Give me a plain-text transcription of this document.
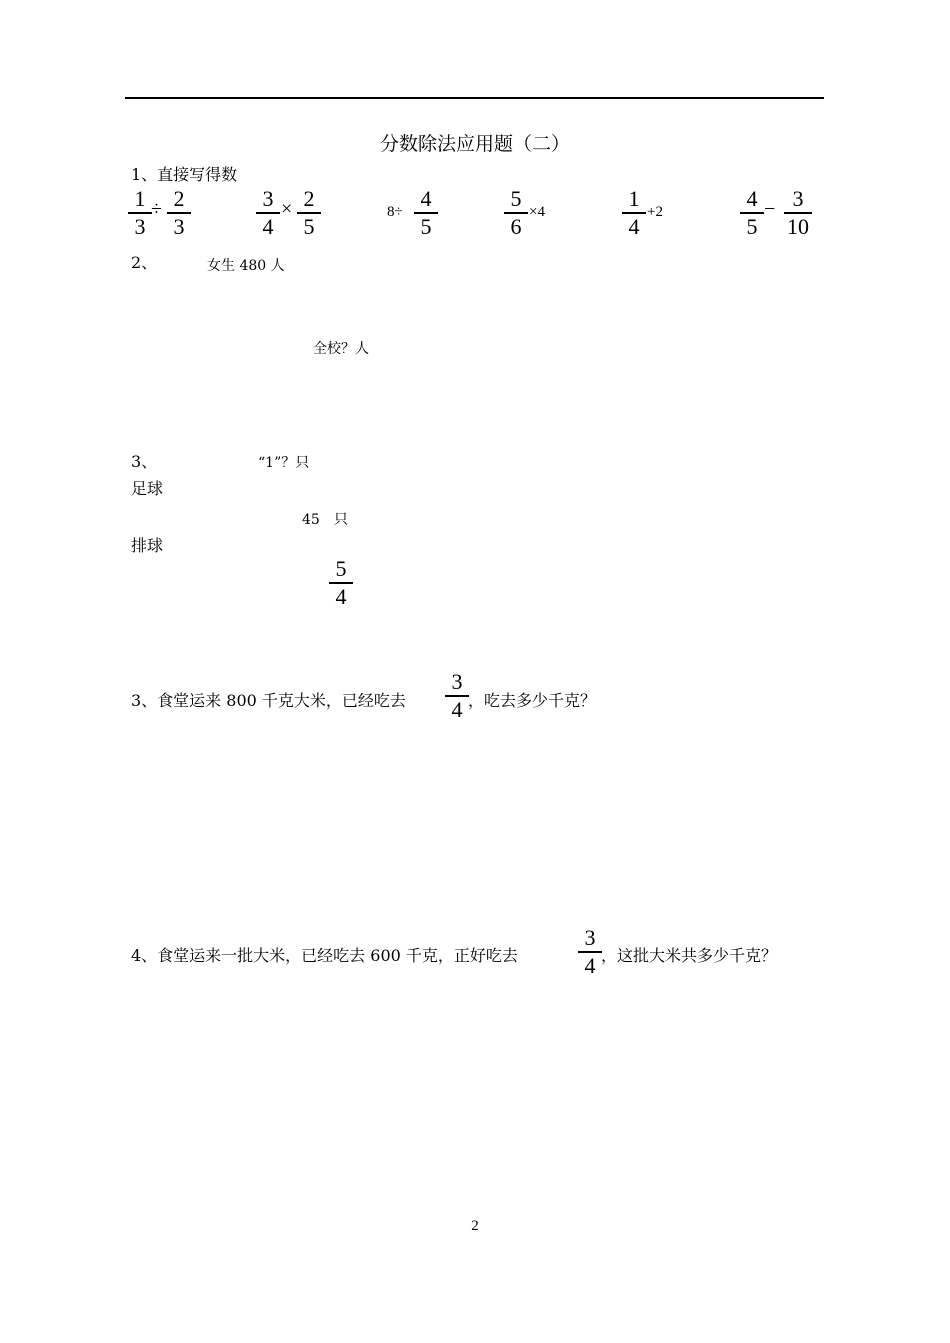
分数除法应用题（二）
1、直接写得数
1
3
÷ 2
3
3
4
× 2
5
8÷
4
5
5
6
×4
1
4
+2
4
5
− 3
10
2、	女生 480 人
全校？人
3、	“1”？只
足球
45　只
排球
5
4
3、食堂运来 800 千克大米，已经吃去
3
4 ，吃去多少千克？
4、食堂运来一批大米，已经吃去 600 千克，正好吃去
3
4 ，这批大米共多少千克？
2
